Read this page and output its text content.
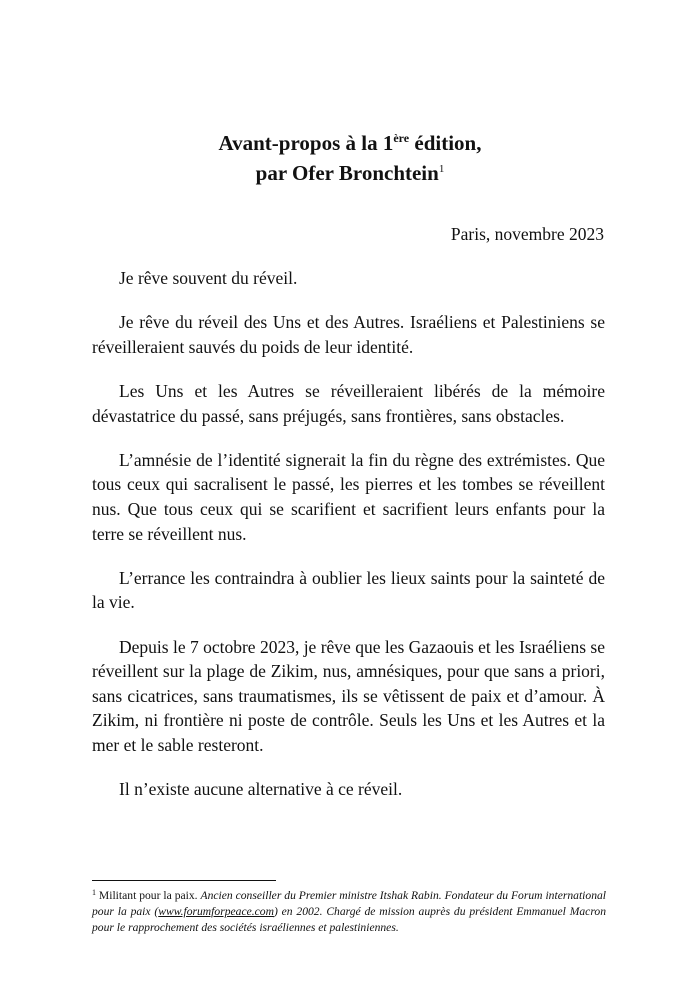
Avant-propos à la 1ère édition,
par Ofer Bronchtein$^1$
Paris, novembre 2023

Je rêve souvent du réveil.

Je rêve du réveil des Uns et des Autres. Israéliens et Palestiniens se réveilleraient sauvés du poids de leur identité.

Les Uns et les Autres se réveilleraient libérés de la mémoire dévastatrice du passé, sans préjugés, sans frontières, sans obstacles.

L’amnésie de l’identité signerait la fin du règne des extrémistes. Que tous ceux qui sacralisent le passé, les pierres et les tombes se réveillent nus. Que tous ceux qui se scarifient et sacrifient leurs enfants pour la terre se réveillent nus.

L’errance les contraindra à oublier les lieux saints pour la sainteté de la vie.

Depuis le 7 octobre 2023, je rêve que les Gazaouis et les Israéliens se réveillent sur la plage de Zikim, nus, amnésiques, pour que sans a priori, sans cicatrices, sans traumatismes, ils se vêtissent de paix et d’amour. À Zikim, ni frontière ni poste de contrôle. Seuls les Uns et les Autres et la mer et le sable resteront.

Il n’existe aucune alternative à ce réveil.

$^1$ Militant pour la paix. Ancien conseiller du Premier ministre Itshak Rabin. Fondateur du Forum international pour la paix (www.forumforpeace.com) en 2002. Chargé de mission auprès du président Emmanuel Macron pour le rapprochement des sociétés israéliennes et palestiniennes.
